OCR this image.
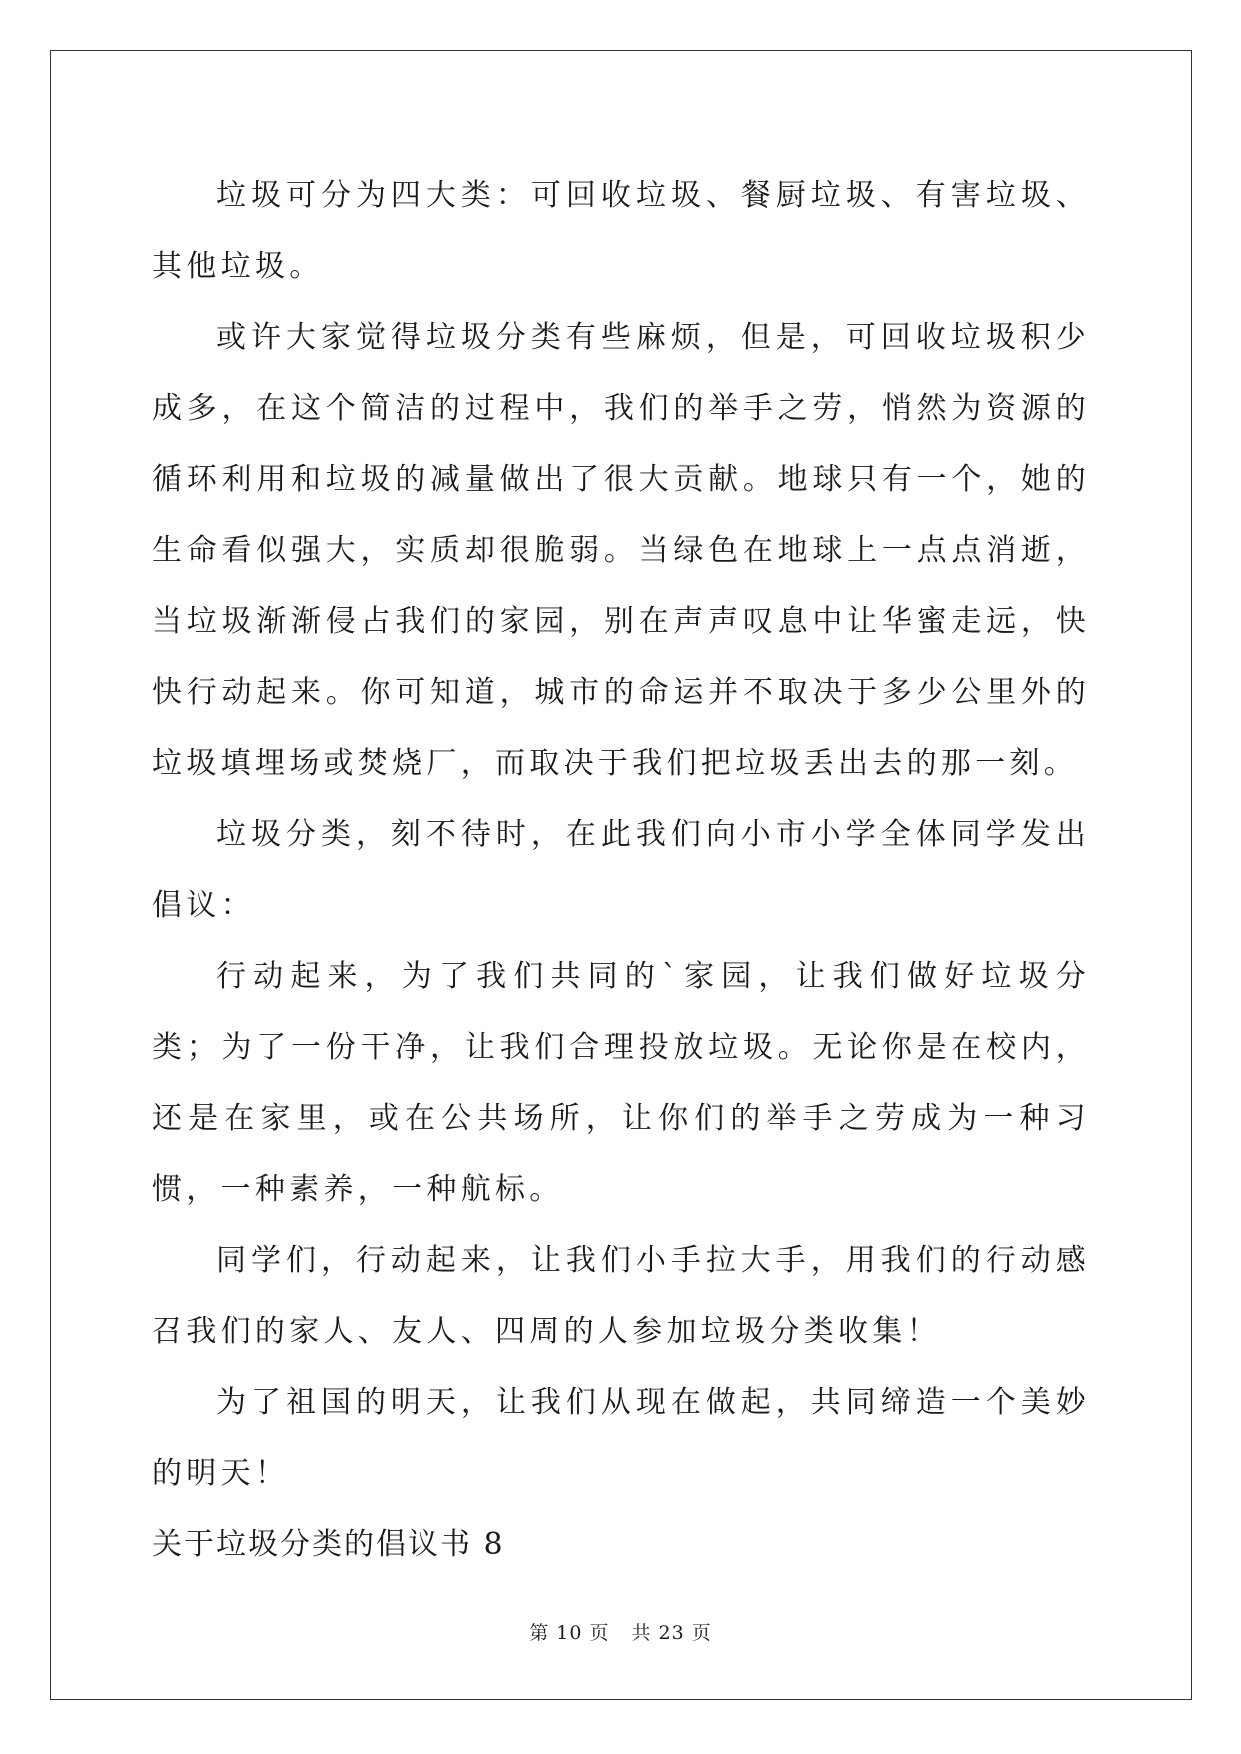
垃圾可分为四大类：可回收垃圾、餐厨垃圾、有害垃圾、其他垃圾。

或许大家觉得垃圾分类有些麻烦，但是，可回收垃圾积少成多，在这个简洁的过程中，我们的举手之劳，悄然为资源的循环利用和垃圾的减量做出了很大贡献。地球只有一个，她的生命看似强大，实质却很脆弱。当绿色在地球上一点点消逝，当垃圾渐渐侵占我们的家园，别在声声叹息中让华蜜走远，快快行动起来。你可知道，城市的命运并不取决于多少公里外的垃圾填埋场或焚烧厂，而取决于我们把垃圾丢出去的那一刻。

垃圾分类，刻不待时，在此我们向小市小学全体同学发出倡议：

行动起来，为了我们共同的`家园，让我们做好垃圾分类；为了一份干净，让我们合理投放垃圾。无论你是在校内，还是在家里，或在公共场所，让你们的举手之劳成为一种习惯，一种素养，一种航标。

同学们，行动起来，让我们小手拉大手，用我们的行动感召我们的家人、友人、四周的人参加垃圾分类收集！

为了祖国的明天，让我们从现在做起，共同缔造一个美妙的明天！

关于垃圾分类的倡议书 8

第 10 页 共 23 页
